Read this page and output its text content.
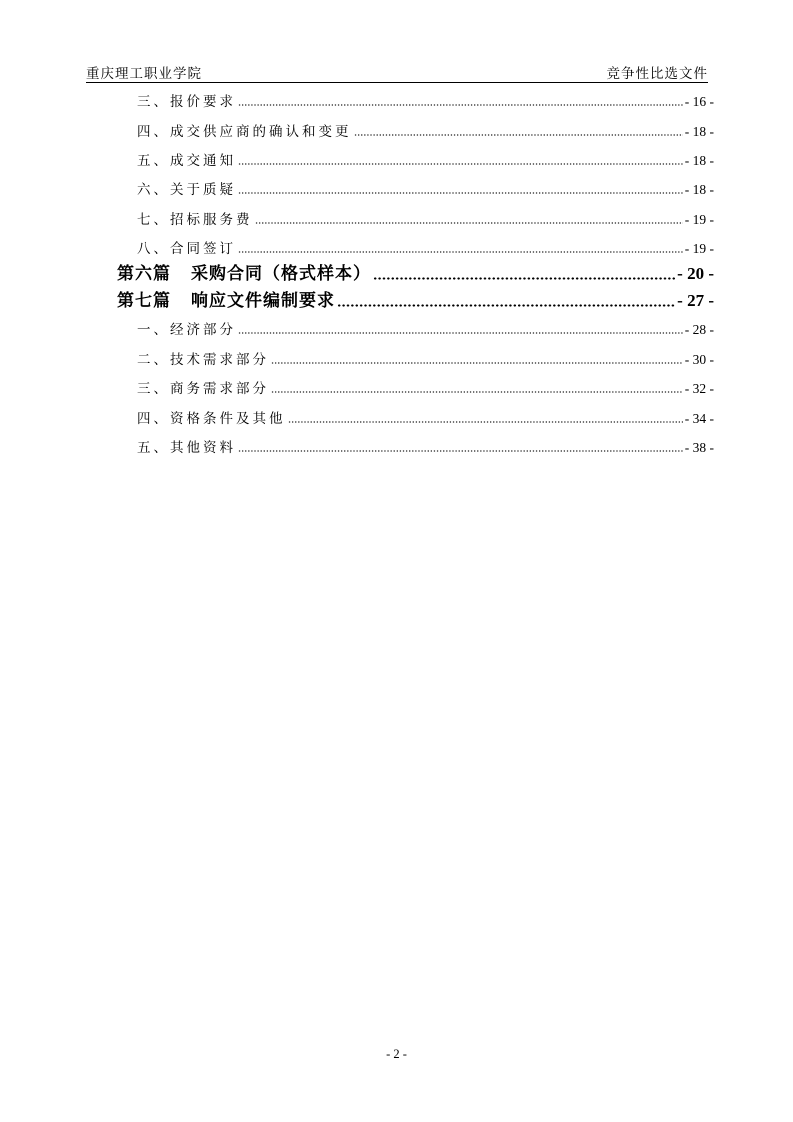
重庆理工职业学院	竞争性比选文件
三、报价要求	- 16 -
四、成交供应商的确认和变更	- 18 -
五、成交通知	- 18 -
六、关于质疑	- 18 -
七、招标服务费	- 19 -
八、合同签订	- 19 -
第六篇 采购合同（格式样本）	- 20 -
第七篇 响应文件编制要求	- 27 -
一、经济部分	- 28 -
二、技术需求部分	- 30 -
三、商务需求部分	- 32 -
四、资格条件及其他	- 34 -
五、其他资料	- 38 -
- 2 -
